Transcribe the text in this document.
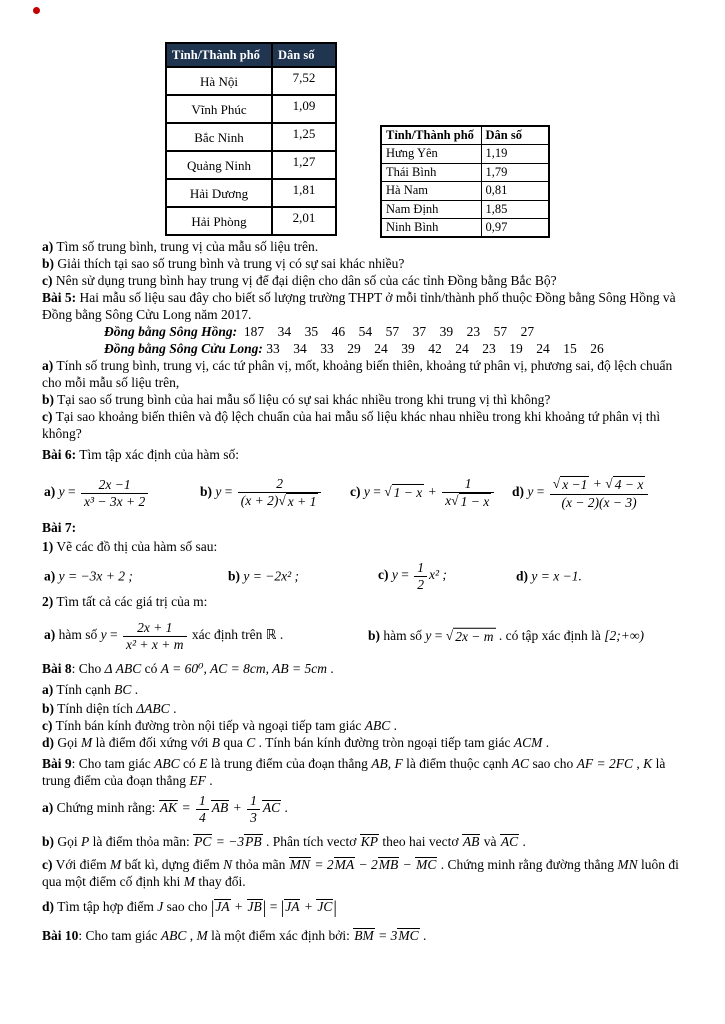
Tỉnh/Thành phố	Dân số
Hà Nội	7,52
Vĩnh Phúc	1,09
Bắc Ninh	1,25
Quảng Ninh	1,27
Hải Dương	1,81
Hải Phòng	2,01
Tỉnh/Thành phố	Dân số
Hưng Yên	1,19
Thái Bình	1,79
Hà Nam	0,81
Nam Định	1,85
Ninh Bình	0,97
a) Tìm số trung bình, trung vị của mẫu số liệu trên.
b) Giải thích tại sao số trung bình và trung vị có sự sai khác nhiều?
c) Nên sử dụng trung bình hay trung vị để đại diện cho dân số của các tỉnh Đồng bằng Bắc Bộ?
Bài 5: Hai mẫu số liệu sau đây cho biết số lượng trường THPT ở mỗi tỉnh/thành phố thuộc Đồng bằng Sông Hồng và Đồng bằng Sông Cửu Long năm 2017.
Đồng bằng Sông Hồng:  187    34    35    46    54    57    37    39    23    57    27
Đồng bằng Sông Cửu Long: 33    34    33    29    24    39    42    24    23    19    24    15    26
a) Tính số trung bình, trung vị, các tứ phân vị, mốt, khoảng biến thiên, khoảng tứ phân vị, phương sai, độ lệch chuẩn cho mỗi mẫu số liệu trên,
b) Tại sao số trung bình của hai mẫu số liệu có sự sai khác nhiều trong khi trung vị thì không?
c) Tại sao khoảng biến thiên và độ lệch chuẩn của hai mẫu số liệu khác nhau nhiều trong khi khoảng tứ phân vị thì không?
Bài 6: Tìm tập xác định của hàm số:
a) $y = \frac{2x -1}{\text{x³ − 3x + 2}}$	b) $y = \frac{2}{(x + 2) √ x + 1} c$) y = √ $1 - x + \frac{1}{x √ 1 - x} d$) $y = \frac{√ x -1 + √ 4 - x}{(x - 2)(x - 3)}$
Bài 7:
1) Vẽ các đồ thị của hàm số sau:
a) y = −3x + 2 ;	b) y = −2x² ;	c) $y = \frac{1}{2} x^2$ ;	d) y = x −1.
2) Tìm tất cả các giá trị của m:
a) hàm số $y = \frac{2x + 1}{\text{x² + x + m}}$ xác định trên ℝ .	b) hàm số y = √ 2x − m . có tập xác định là [2;+∞)
Bài 8: Cho Δ ABC có A = 60⁰, AC = 8cm, AB = 5cm .
a) Tính cạnh BC .
b) Tính diện tích ΔABC .
c) Tính bán kính đường tròn nội tiếp và ngoại tiếp tam giác ABC .
d) Gọi M là điểm đối xứng với B qua C . Tính bán kính đường tròn ngoại tiếp tam giác ACM .
Bài 9: Cho tam giác ABC có E là trung điểm của đoạn thẳng AB, F là điểm thuộc cạnh AC sao cho AF = 2FC , K là trung điểm của đoạn thẳng EF .
a) Chứng minh rằng: AK = $\frac{1}{4}$ AB + $\frac{1}{3}$ AC .
b) Gọi P là điểm thỏa mãn: PC = −3PB . Phân tích vectơ KP theo hai vectơ AB và AC .
c) Với điểm M bất kì, dựng điểm N thỏa mãn MN = 2MA − 2MB − MC . Chứng minh rằng đường thẳng MN luôn đi qua một điểm cố định khi M thay đổi.
d) Tìm tập hợp điểm J sao cho |JA + JB| = |JA + JC|
Bài 10: Cho tam giác ABC , M là một điểm xác định bởi: BM = 3MC .
